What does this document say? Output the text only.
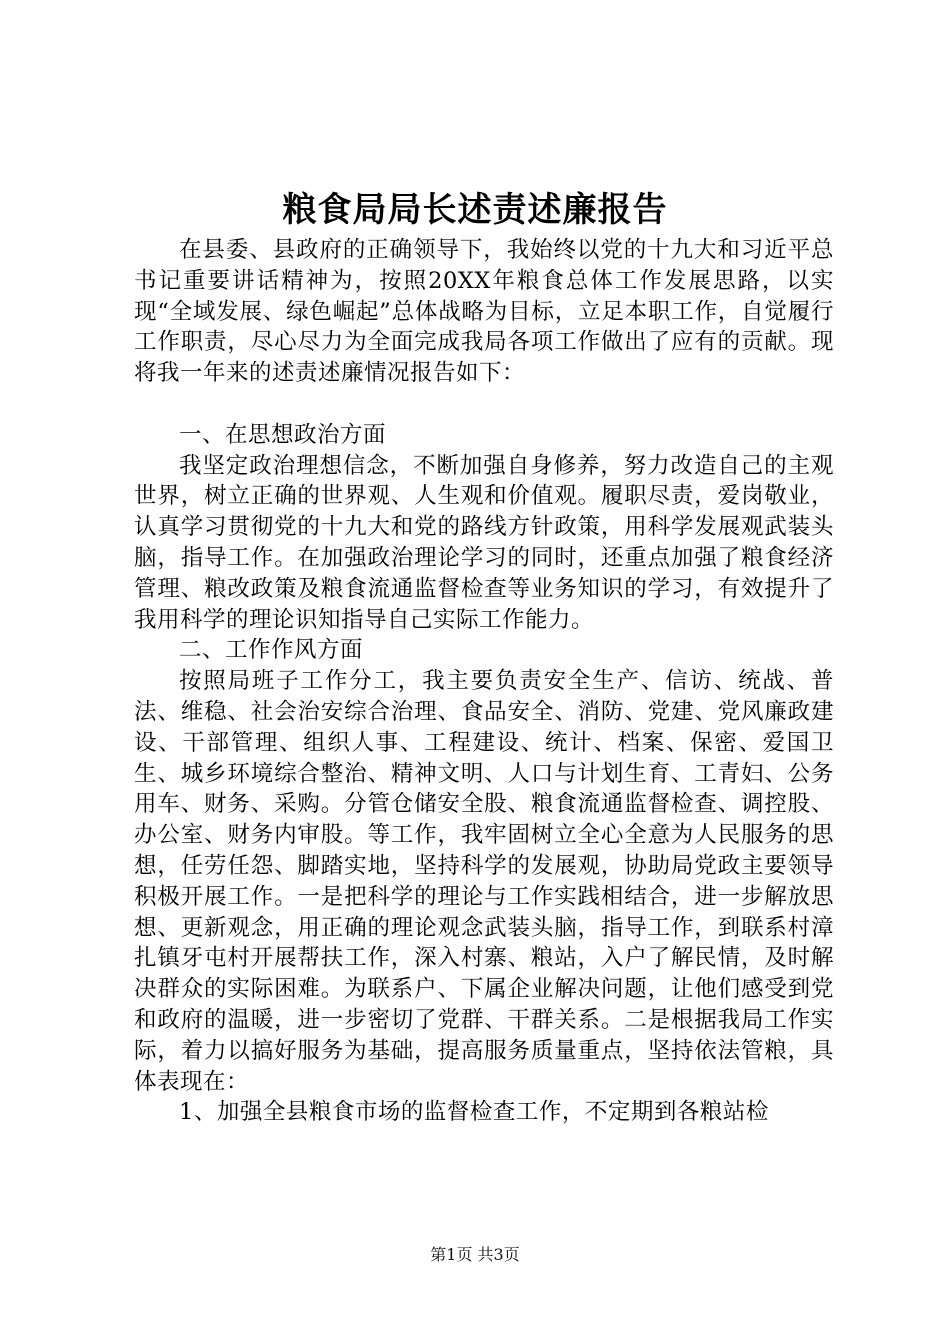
粮食局局长述责述廉报告

在县委、县政府的正确领导下，我始终以党的十九大和习近平总书记重要讲话精神为，按照20XX年粮食总体工作发展思路，以实现“全域发展、绿色崛起”总体战略为目标，立足本职工作，自觉履行工作职责，尽心尽力为全面完成我局各项工作做出了应有的贡献。现将我一年来的述责述廉情况报告如下：

一、在思想政治方面

我坚定政治理想信念，不断加强自身修养，努力改造自己的主观世界，树立正确的世界观、人生观和价值观。履职尽责，爱岗敬业，认真学习贯彻党的十九大和党的路线方针政策，用科学发展观武装头脑，指导工作。在加强政治理论学习的同时，还重点加强了粮食经济管理、粮改政策及粮食流通监督检查等业务知识的学习，有效提升了我用科学的理论识知指导自己实际工作能力。

二、工作作风方面

按照局班子工作分工，我主要负责安全生产、信访、统战、普法、维稳、社会治安综合治理、食品安全、消防、党建、党风廉政建设、干部管理、组织人事、工程建设、统计、档案、保密、爱国卫生、城乡环境综合整治、精神文明、人口与计划生育、工青妇、公务用车、财务、采购。分管仓储安全股、粮食流通监督检查、调控股、办公室、财务内审股。等工作，我牢固树立全心全意为人民服务的思想，任劳任怨、脚踏实地，坚持科学的发展观，协助局党政主要领导积极开展工作。一是把科学的理论与工作实践相结合，进一步解放思想、更新观念，用正确的理论观念武装头脑，指导工作，到联系村漳扎镇牙屯村开展帮扶工作，深入村寨、粮站，入户了解民情，及时解决群众的实际困难。为联系户、下属企业解决问题，让他们感受到党和政府的温暖，进一步密切了党群、干群关系。二是根据我局工作实际，着力以搞好服务为基础，提高服务质量重点，坚持依法管粮，具体表现在：

1、加强全县粮食市场的监督检查工作，不定期到各粮站检

第1页 共3页
